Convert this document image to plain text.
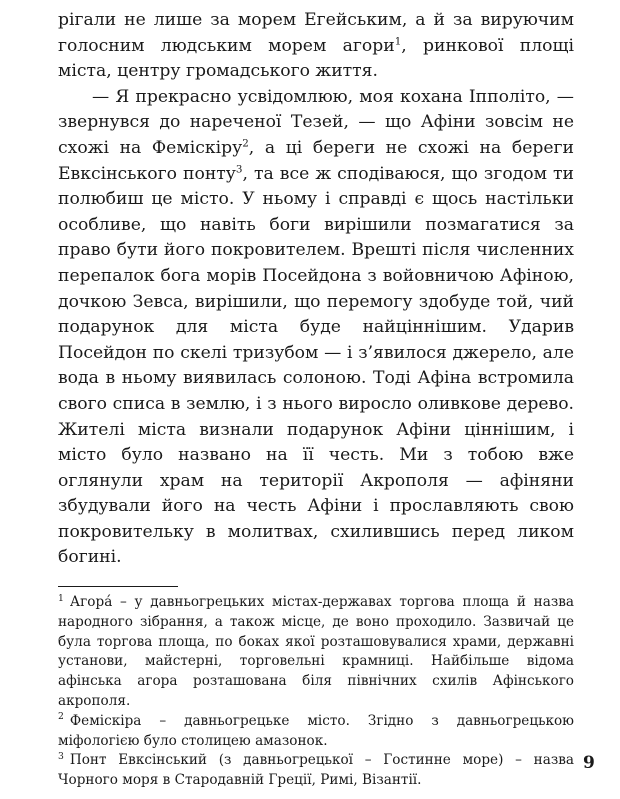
рігали не лише за морем Егейським, а й за вируючим голосним людським морем агори$^1$, ринкової площі міста, центру громадського життя.

— Я прекрасно усвідомлюю, моя кохана Іпполіто, — звернувся до нареченої Тезей, — що Афіни зовсім не схожі на Феміскіру$^2$, а ці береги не схожі на береги Евксінського понту$^3$, та все ж сподіваюся, що згодом ти полюбиш це місто. У ньому і справді є щось настільки особливе, що навіть боги вирішили позмагатися за право бути його покровителем. Врешті після численних перепалок бога морів Посейдона з войовничою Афіною, дочкою Зевса, вирішили, що перемогу здобуде той, чий подарунок для міста буде найціннішим. Ударив Посейдон по скелі тризубом — і з’явилося джерело, але вода в ньому виявилась солоною. Тоді Афіна встромила свого списа в землю, і з нього виросло оливкове дерево. Жителі міста визнали подарунок Афіни ціннішим, і місто було названо на її честь. Ми з тобою вже оглянули храм на території Акрополя — афіняни збудували його на честь Афіни і прославляють свою покровительку в молитвах, схилившись перед ликом богині.

1 Агорá – у давньогрецьких містах-державах торгова площа й назва народного зібрання, а також місце, де воно проходило. Зазвичай це була торгова площа, по боках якої розташовувалися храми, державні установи, майстерні, торговельні крамниці. Найбільше відома афінська агора розташована біля північних схилів Афінського акрополя.

2 Феміскіра – давньогрецьке місто. Згідно з давньогрецькою міфологією було столицею амазонок.

3 Понт Евксінський (з давньогрецької – Гостинне море) – назва Чорного моря в Стародавній Греції, Римі, Візантії.

9
